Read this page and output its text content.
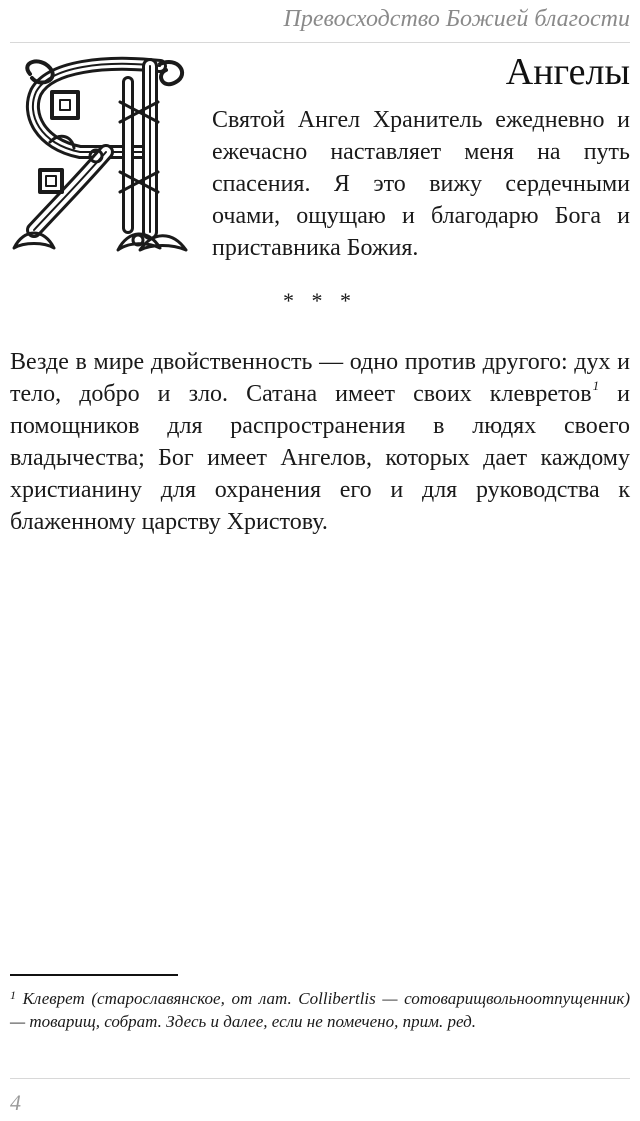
Превосходство Божией благости
Ангелы

Святой Ангел Хранитель ежедневно и ежечасно наставляет меня на путь спасения. Я это вижу сердечными очами, ощущаю и благодарю Бога и приставника Божия.

* * *

Везде в мире двойственность — одно против другого: дух и тело, добро и зло. Сатана имеет своих клевретов$^1$ и помощников для распространения в людях своего владычества; Бог имеет Ангелов, которых дает каждому христианину для охранения его и для руководства к блаженному царству Христову.

$^1$ Клеврет (старославянское, от лат. Collibertlis — сотоварищвольноотпущенник) — товарищ, собрат. Здесь и далее, если не помечено, прим. ред.

4
